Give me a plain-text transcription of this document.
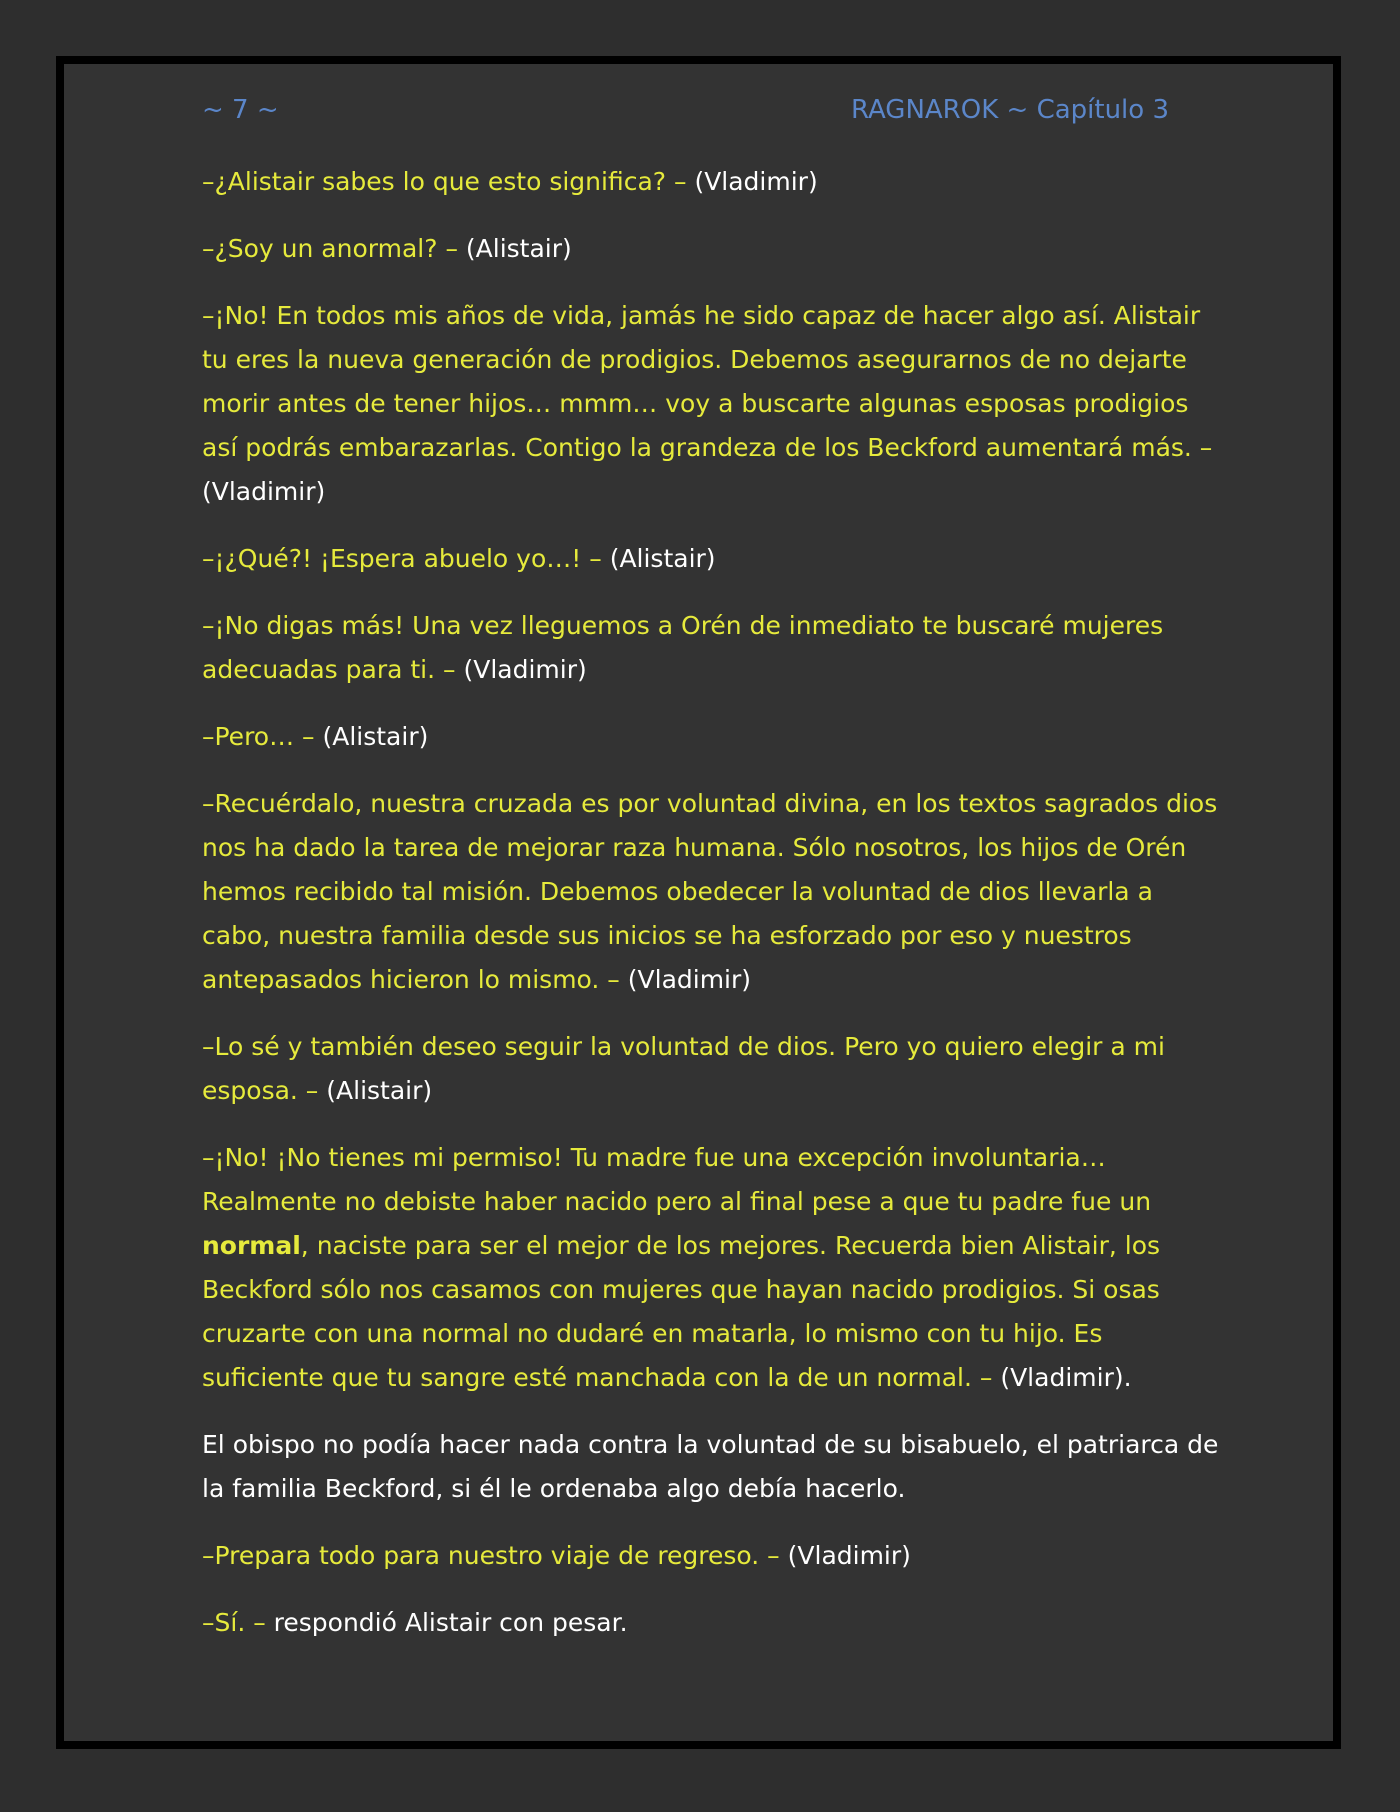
~ 7 ~	RAGNAROK ~ Capítulo 3

–¿Alistair sabes lo que esto significa? – (Vladimir)

–¿Soy un anormal? – (Alistair)

–¡No! En todos mis años de vida, jamás he sido capaz de hacer algo así. Alistair tu eres la nueva generación de prodigios. Debemos asegurarnos de no dejarte morir antes de tener hijos… mmm… voy a buscarte algunas esposas prodigios así podrás embarazarlas. Contigo la grandeza de los Beckford aumentará más. – (Vladimir)

–¡¿Qué?! ¡Espera abuelo yo…! – (Alistair)

–¡No digas más! Una vez lleguemos a Orén de inmediato te buscaré mujeres adecuadas para ti. – (Vladimir)

–Pero… – (Alistair)

–Recuérdalo, nuestra cruzada es por voluntad divina, en los textos sagrados dios nos ha dado la tarea de mejorar raza humana. Sólo nosotros, los hijos de Orén hemos recibido tal misión. Debemos obedecer la voluntad de dios llevarla a cabo, nuestra familia desde sus inicios se ha esforzado por eso y nuestros antepasados hicieron lo mismo. – (Vladimir)

–Lo sé y también deseo seguir la voluntad de dios. Pero yo quiero elegir a mi esposa. – (Alistair)

–¡No! ¡No tienes mi permiso! Tu madre fue una excepción involuntaria… Realmente no debiste haber nacido pero al final pese a que tu padre fue un normal, naciste para ser el mejor de los mejores. Recuerda bien Alistair, los Beckford sólo nos casamos con mujeres que hayan nacido prodigios. Si osas cruzarte con una normal no dudaré en matarla, lo mismo con tu hijo. Es suficiente que tu sangre esté manchada con la de un normal. – (Vladimir).

El obispo no podía hacer nada contra la voluntad de su bisabuelo, el patriarca de la familia Beckford, si él le ordenaba algo debía hacerlo.

–Prepara todo para nuestro viaje de regreso. – (Vladimir)

–Sí. – respondió Alistair con pesar.
